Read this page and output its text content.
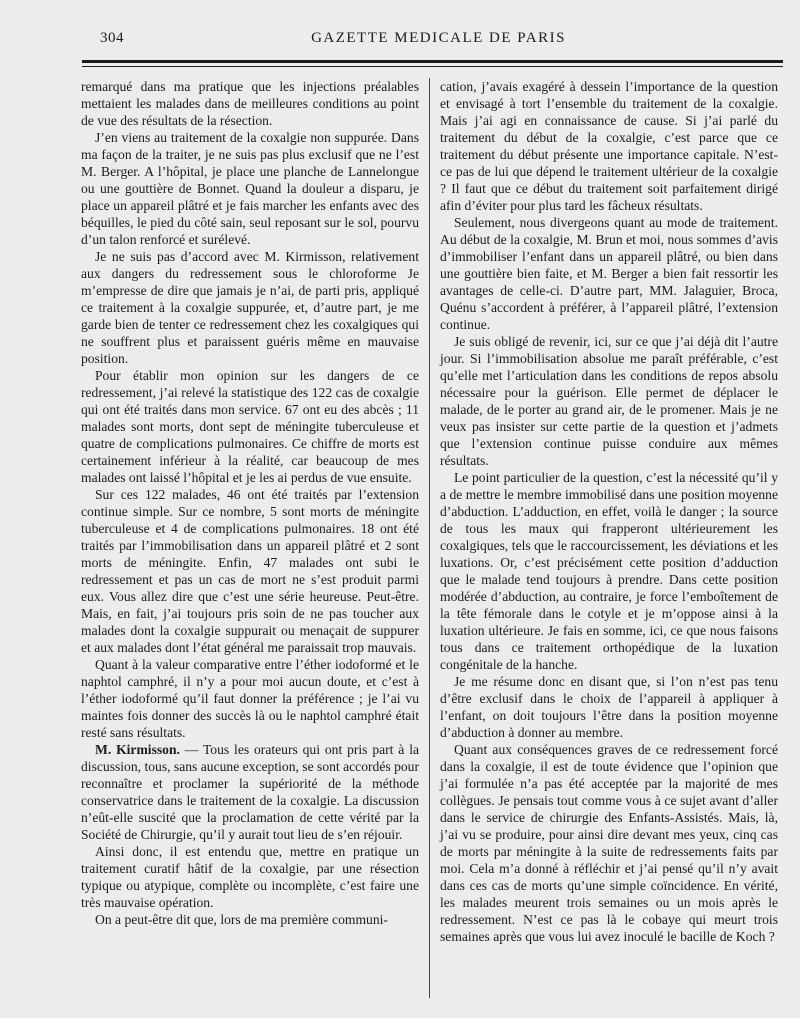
304	GAZETTE MEDICALE DE PARIS

remarqué dans ma pratique que les injections préalables mettaient les malades dans de meilleures conditions au point de vue des résultats de la résection.

J’en viens au traitement de la coxalgie non suppurée. Dans ma façon de la traiter, je ne suis pas plus exclusif que ne l’est M. Berger. A l’hôpital, je place une planche de Lannelongue ou une gouttière de Bonnet. Quand la douleur a disparu, je place un appareil plâtré et je fais marcher les enfants avec des béquilles, le pied du côté sain, seul reposant sur le sol, pourvu d’un talon renforcé et surélevé.

Je ne suis pas d’accord avec M. Kirmisson, relativement aux dangers du redressement sous le chloroforme Je m’empresse de dire que jamais je n’ai, de parti pris, appliqué ce traitement à la coxalgie suppurée, et, d’autre part, je me garde bien de tenter ce redressement chez les coxalgiques qui ne souffrent plus et paraissent guéris même en mauvaise position.

Pour établir mon opinion sur les dangers de ce redressement, j’ai relevé la statistique des 122 cas de coxalgie qui ont été traités dans mon service. 67 ont eu des abcès ; 11 malades sont morts, dont sept de méningite tuberculeuse et quatre de complications pulmonaires. Ce chiffre de morts est certainement inférieur à la réalité, car beaucoup de mes malades ont laissé l’hôpital et je les ai perdus de vue ensuite.

Sur ces 122 malades, 46 ont été traités par l’extension continue simple. Sur ce nombre, 5 sont morts de méningite tuberculeuse et 4 de complications pulmonaires. 18 ont été traités par l’immobilisation dans un appareil plâtré et 2 sont morts de méningite. Enfin, 47 malades ont subi le redressement et pas un cas de mort ne s’est produit parmi eux. Vous allez dire que c’est une série heureuse. Peut-être. Mais, en fait, j’ai toujours pris soin de ne pas toucher aux malades dont la coxalgie suppurait ou menaçait de suppurer et aux malades dont l’état général me paraissait trop mauvais.

Quant à la valeur comparative entre l’éther iodoformé et le naphtol camphré, il n’y a pour moi aucun doute, et c’est à l’éther iodoformé qu’il faut donner la préférence ; je l’ai vu maintes fois donner des succès là ou le naphtol camphré était resté sans résultats.

M. Kirmisson. — Tous les orateurs qui ont pris part à la discussion, tous, sans aucune exception, se sont accordés pour reconnaître et proclamer la supériorité de la méthode conservatrice dans le traitement de la coxalgie. La discussion n’eût-elle suscité que la proclamation de cette vérité par la Société de Chirurgie, qu’il y aurait tout lieu de s’en réjouir.

Ainsi donc, il est entendu que, mettre en pratique un traitement curatif hâtif de la coxalgie, par une résection typique ou atypique, complète ou incomplète, c’est faire une très mauvaise opération.

On a peut-être dit que, lors de ma première communi-

cation, j’avais exagéré à dessein l’importance de la question et envisagé à tort l’ensemble du traitement de la coxalgie. Mais j’ai agi en connaissance de cause. Si j’ai parlé du traitement du début de la coxalgie, c’est parce que ce traitement du début présente une importance capitale. N’est-ce pas de lui que dépend le traitement ultérieur de la coxalgie ? Il faut que ce début du traitement soit parfaitement dirigé afin d’éviter pour plus tard les fâcheux résultats.

Seulement, nous divergeons quant au mode de traitement. Au début de la coxalgie, M. Brun et moi, nous sommes d’avis d’immobiliser l’enfant dans un appareil plâtré, ou bien dans une gouttière bien faite, et M. Berger a bien fait ressortir les avantages de celle-ci. D’autre part, MM. Jalaguier, Broca, Quénu s’accordent à préférer, à l’appareil plâtré, l’extension continue.

Je suis obligé de revenir, ici, sur ce que j’ai déjà dit l’autre jour. Si l’immobilisation absolue me paraît préférable, c’est qu’elle met l’articulation dans les conditions de repos absolu nécessaire pour la guérison. Elle permet de déplacer le malade, de le porter au grand air, de le promener. Mais je ne veux pas insister sur cette partie de la question et j’admets que l’extension continue puisse conduire aux mêmes résultats.

Le point particulier de la question, c’est la nécessité qu’il y a de mettre le membre immobilisé dans une position moyenne d’abduction. L’adduction, en effet, voilà le danger ; la source de tous les maux qui frapperont ultérieurement les coxalgiques, tels que le raccourcissement, les déviations et les luxations. Or, c’est précisément cette position d’adduction que le malade tend toujours à prendre. Dans cette position modérée d’abduction, au contraire, je force l’emboîtement de la tête fémorale dans le cotyle et je m’oppose ainsi à la luxation ultérieure. Je fais en somme, ici, ce que nous faisons tous dans ce traitement orthopédique de la luxation congénitale de la hanche.

Je me résume donc en disant que, si l’on n’est pas tenu d’être exclusif dans le choix de l’appareil à appliquer à l’enfant, on doit toujours l’être dans la position moyenne d’abduction à donner au membre.

Quant aux conséquences graves de ce redressement forcé dans la coxalgie, il est de toute évidence que l’opinion que j’ai formulée n’a pas été acceptée par la majorité de mes collègues. Je pensais tout comme vous à ce sujet avant d’aller dans le service de chirurgie des Enfants-Assistés. Mais, là, j’ai vu se produire, pour ainsi dire devant mes yeux, cinq cas de morts par méningite à la suite de redressements faits par moi. Cela m’a donné à réfléchir et j’ai pensé qu’il n’y avait dans ces cas de morts qu’une simple coïncidence. En vérité, les malades meurent trois semaines ou un mois après le redressement. N’est ce pas là le cobaye qui meurt trois semaines après que vous lui avez inoculé le bacille de Koch ?
